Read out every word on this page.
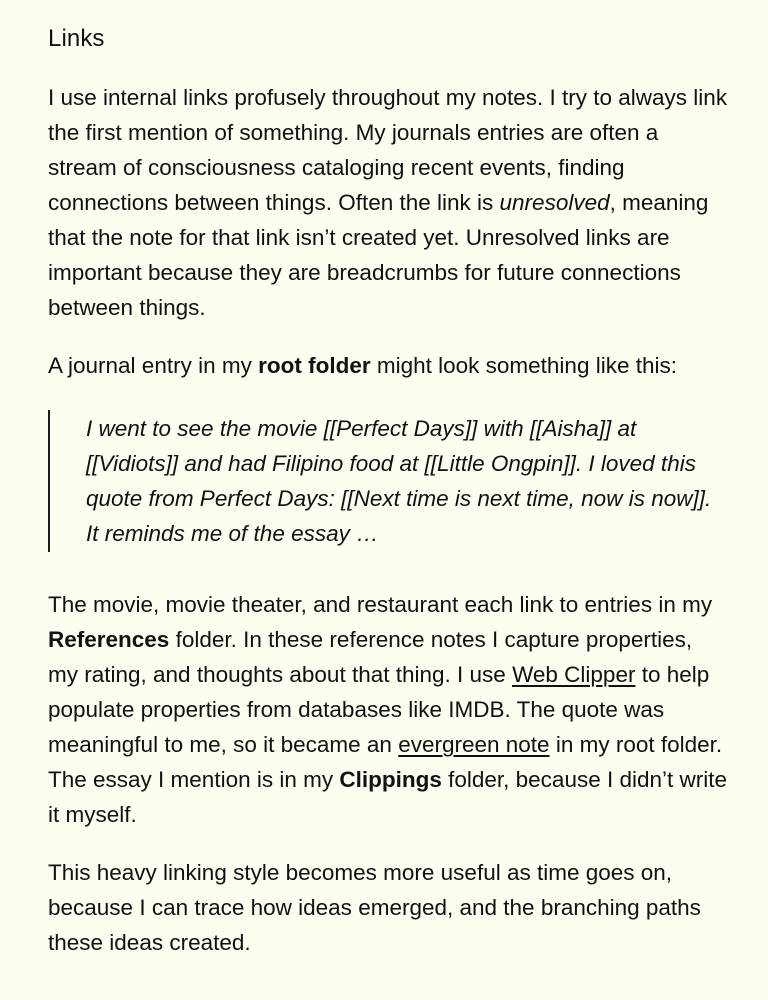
Links

I use internal links profusely throughout my notes. I try to always link the first mention of something. My journals entries are often a stream of consciousness cataloging recent events, finding connections between things. Often the link is unresolved, meaning that the note for that link isn’t created yet. Unresolved links are important because they are breadcrumbs for future connections between things.

A journal entry in my root folder might look something like this:

I went to see the movie [[Perfect Days]] with [[Aisha]] at [[Vidiots]] and had Filipino food at [[Little Ongpin]]. I loved this quote from Perfect Days: [[Next time is next time, now is now]]. It reminds me of the essay …

The movie, movie theater, and restaurant each link to entries in my References folder. In these reference notes I capture properties, my rating, and thoughts about that thing. I use Web Clipper to help populate properties from databases like IMDB. The quote was meaningful to me, so it became an evergreen note in my root folder. The essay I mention is in my Clippings folder, because I didn’t write it myself.

This heavy linking style becomes more useful as time goes on, because I can trace how ideas emerged, and the branching paths these ideas created.
